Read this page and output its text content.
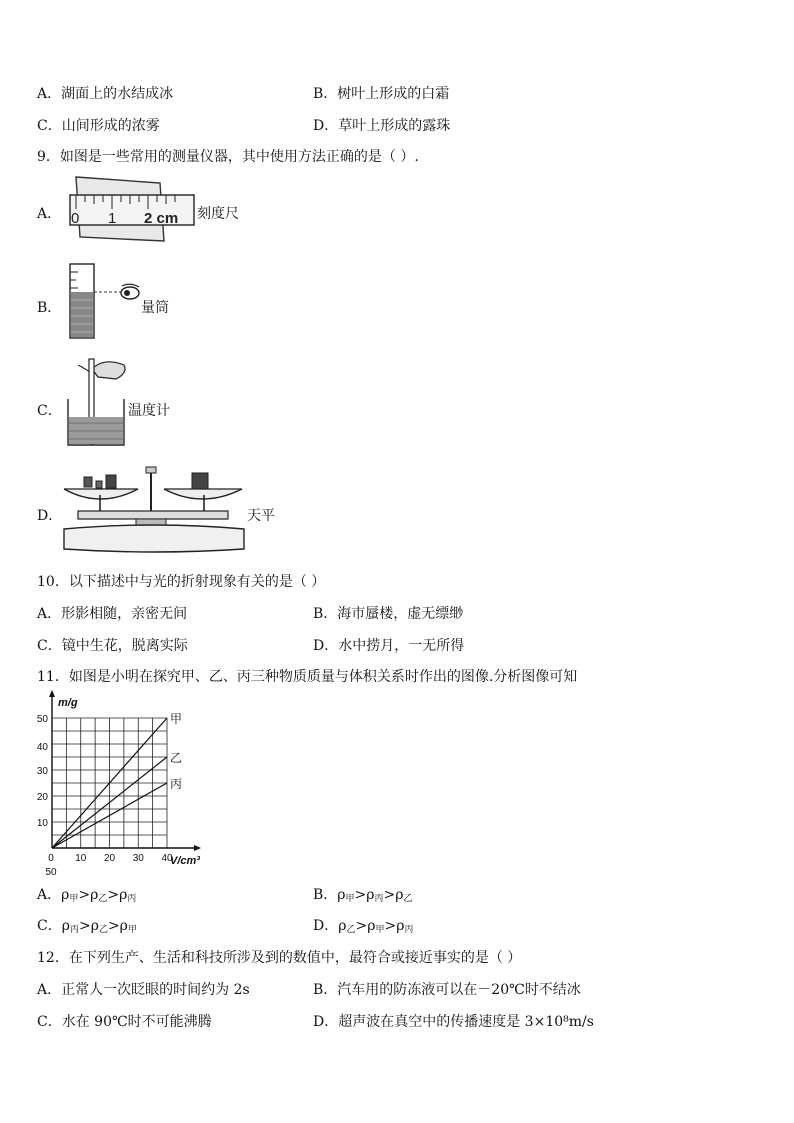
A．湖面上的水结成冰	B．树叶上形成的白霜
C．山间形成的浓雾	D．草叶上形成的露珠
9．如图是一些常用的测量仪器，其中使用方法正确的是（ ）.
A． 0 1 2 cm 刻度尺
B．	量筒
C．	温度计
D．	天平
10．以下描述中与光的折射现象有关的是（ ）
A．形影相随，亲密无间	B．海市蜃楼，虚无缥缈
C．镜中生花，脱离实际	D．水中捞月，一无所得
11．如图是小明在探究甲、乙、丙三种物质质量与体积关系时作出的图像.分析图像可知
甲
乙
丙
10
20
30
40
50
0 10 20 30 40
m/g
V/cm³
50
A．$\rho_甲>\rho_乙>\rho_丙$	B．$\rho_甲>\rho_丙>\rho_乙$
C．$\rho_丙>\rho_乙>\rho_甲$	D．$\rho_乙>\rho_甲>\rho_丙$
12．在下列生产、生活和科技所涉及到的数值中，最符合或接近事实的是（ ）
A．正常人一次眨眼的时间约为 2s	B．汽车用的防冻液可以在－20℃时不结冰
C．水在 90℃时不可能沸腾	D．超声波在真空中的传播速度是 3×10⁸m/s
